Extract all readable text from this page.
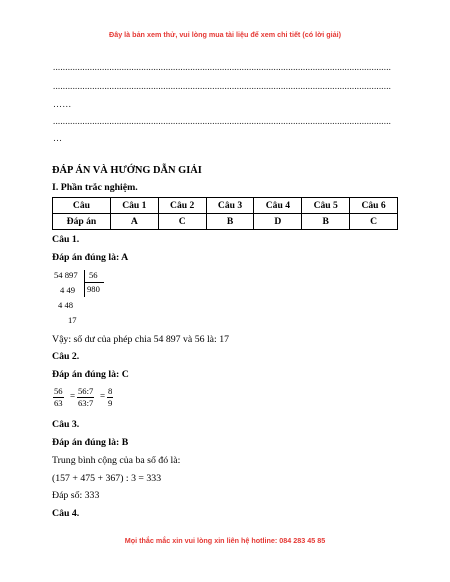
Đây là bản xem thử, vui lòng mua tài liệu để xem chi tiết (có lời giải)
..........................................................................................................................................
..........................................................................................................................................
……
..........................................................................................................................................
…
ĐÁP ÁN VÀ HƯỚNG DẪN GIẢI
I. Phần trắc nghiệm.
Câu	Câu 1	Câu 2	Câu 3	Câu 4	Câu 5	Câu 6
Đáp án	A	C	B	D	B	C
Câu 1.
Đáp án đúng là: A
54 897 56
980
4 49
4 48
17
Vậy: số dư của phép chia 54 897 và 56 là: 17
Câu 2.
Đáp án đúng là: C
$\frac{56}{63} = \frac{56:7}{63:7} = \frac{8}{9}$
Câu 3.
Đáp án đúng là: B
Trung bình cộng của ba số đó là:
(157 + 475 + 367) : 3 = 333
Đáp số: 333
Câu 4.
Mọi thắc mắc xin vui lòng xin liên hệ hotline: 084 283 45 85
